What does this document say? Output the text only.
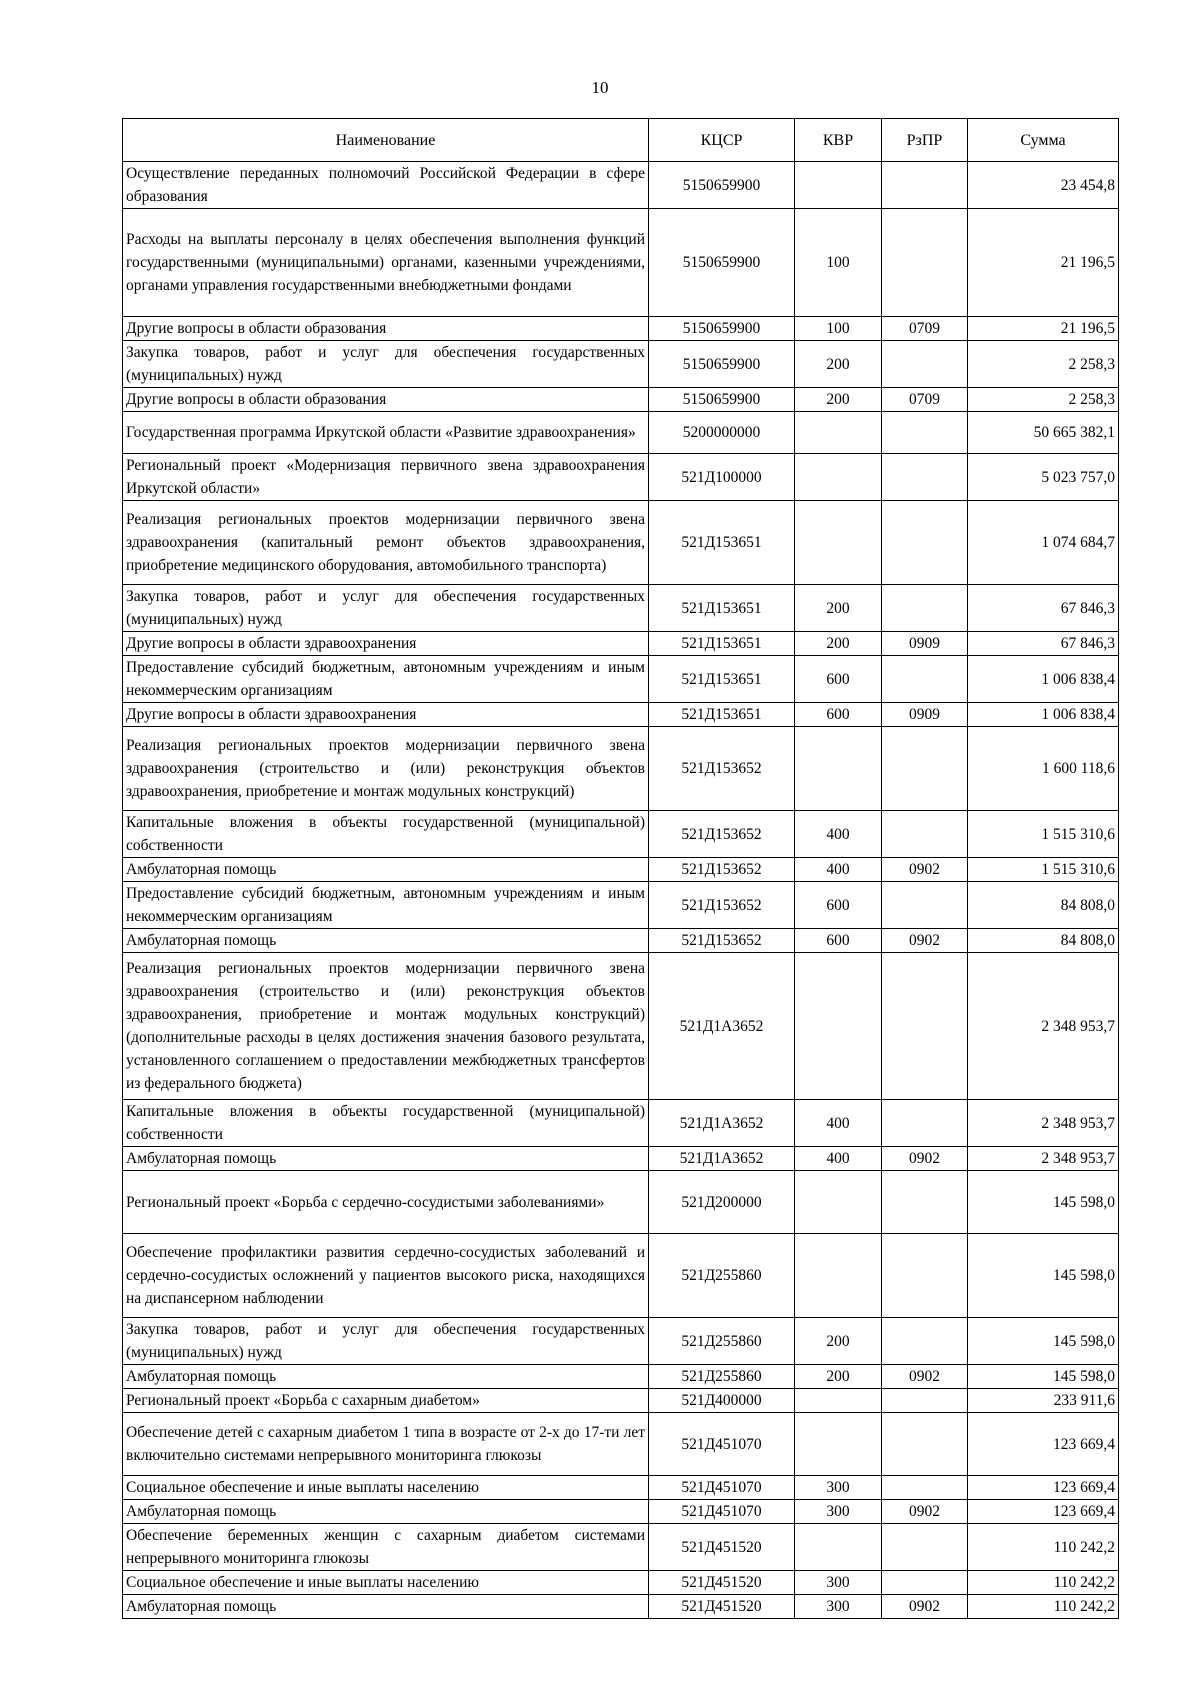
10
Наименование	КЦСР	КВР	РзПР	Сумма
Осуществление переданных полномочий Российской Федерации в сфере образования	5150659900			23 454,8
Расходы на выплаты персоналу в целях обеспечения выполнения функций государственными (муниципальными) органами, казенными учреждениями, органами управления государственными внебюджетными фондами	5150659900	100		21 196,5
Другие вопросы в области образования	5150659900	100	0709	21 196,5
Закупка товаров, работ и услуг для обеспечения государственных (муниципальных) нужд	5150659900	200		2 258,3
Другие вопросы в области образования	5150659900	200	0709	2 258,3
Государственная программа Иркутской области «Развитие здравоохранения»	5200000000			50 665 382,1
Региональный проект «Модернизация первичного звена здравоохранения Иркутской области»	521Д100000			5 023 757,0
Реализация региональных проектов модернизации первичного звена здравоохранения (капитальный ремонт объектов здравоохранения, приобретение медицинского оборудования, автомобильного транспорта)	521Д153651			1 074 684,7
Закупка товаров, работ и услуг для обеспечения государственных (муниципальных) нужд	521Д153651	200		67 846,3
Другие вопросы в области здравоохранения	521Д153651	200	0909	67 846,3
Предоставление субсидий бюджетным, автономным учреждениям и иным некоммерческим организациям	521Д153651	600		1 006 838,4
Другие вопросы в области здравоохранения	521Д153651	600	0909	1 006 838,4
Реализация региональных проектов модернизации первичного звена здравоохранения (строительство и (или) реконструкция объектов здравоохранения, приобретение и монтаж модульных конструкций)	521Д153652			1 600 118,6
Капитальные вложения в объекты государственной (муниципальной) собственности	521Д153652	400		1 515 310,6
Амбулаторная помощь	521Д153652	400	0902	1 515 310,6
Предоставление субсидий бюджетным, автономным учреждениям и иным некоммерческим организациям	521Д153652	600		84 808,0
Амбулаторная помощь	521Д153652	600	0902	84 808,0
Реализация региональных проектов модернизации первичного звена здравоохранения (строительство и (или) реконструкция объектов здравоохранения, приобретение и монтаж модульных конструкций) (дополнительные расходы в целях достижения значения базового результата, установленного соглашением о предоставлении межбюджетных трансфертов из федерального бюджета)	521Д1А3652			2 348 953,7
Капитальные вложения в объекты государственной (муниципальной) собственности	521Д1А3652	400		2 348 953,7
Амбулаторная помощь	521Д1А3652	400	0902	2 348 953,7
Региональный проект «Борьба с сердечно-сосудистыми заболеваниями»	521Д200000			145 598,0
Обеспечение профилактики развития сердечно-сосудистых заболеваний и сердечно-сосудистых осложнений у пациентов высокого риска, находящихся на диспансерном наблюдении	521Д255860			145 598,0
Закупка товаров, работ и услуг для обеспечения государственных (муниципальных) нужд	521Д255860	200		145 598,0
Амбулаторная помощь	521Д255860	200	0902	145 598,0
Региональный проект «Борьба с сахарным диабетом»	521Д400000			233 911,6
Обеспечение детей с сахарным диабетом 1 типа в возрасте от 2-х до 17-ти лет включительно системами непрерывного мониторинга глюкозы	521Д451070			123 669,4
Социальное обеспечение и иные выплаты населению	521Д451070	300		123 669,4
Амбулаторная помощь	521Д451070	300	0902	123 669,4
Обеспечение беременных женщин с сахарным диабетом системами непрерывного мониторинга глюкозы	521Д451520			110 242,2
Социальное обеспечение и иные выплаты населению	521Д451520	300		110 242,2
Амбулаторная помощь	521Д451520	300	0902	110 242,2
